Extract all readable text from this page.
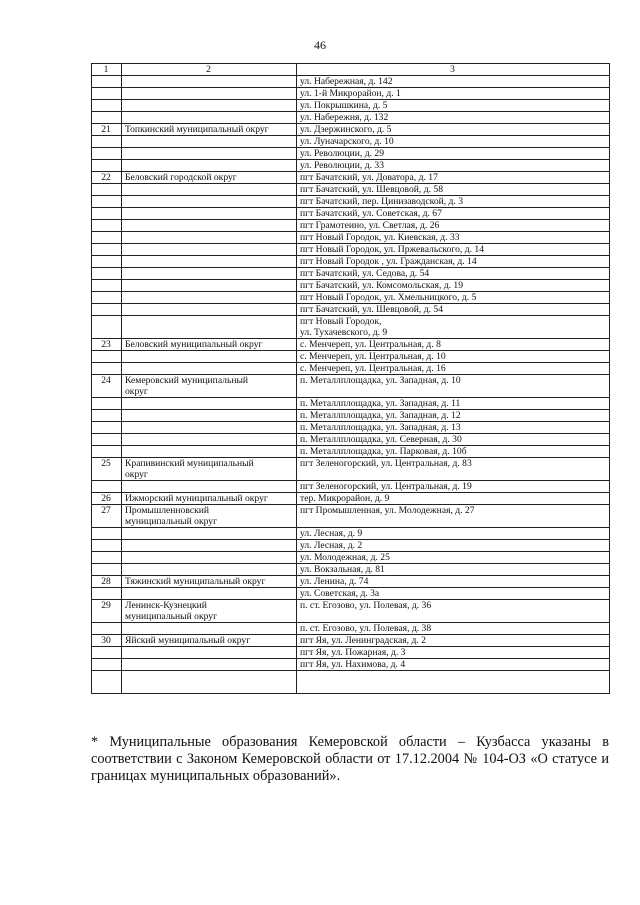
46
1	2	3

		ул. Набережная, д. 142

		ул. 1-й Микрорайон, д. 1

		ул. Покрышкина, д. 5

		ул. Набережня, д. 132

21	Топкинский муниципальный округ	ул. Дзержинского, д. 5

		ул. Луначарского, д. 10

		ул. Революции, д. 29

		ул. Революции, д. 33

22	Беловский городской округ	пгт Бачатский, ул. Доватора, д. 17

		пгт Бачатский, ул. Шевцовой, д. 58

		пгт Бачатский, пер. Цинизаводской, д. 3

		пгт Бачатский, ул. Советская, д. 67

		пгт Грамотеино, ул. Светлая, д. 26

		пгт Новый Городок, ул. Киевская, д. 33

		пгт Новый Городок, ул. Пржевальского, д. 14

		пгт Новый Городок , ул. Гражданская, д. 14

		пгт Бачатский, ул. Седова, д. 54

		пгт Бачатский, ул. Комсомольская, д. 19

		пгт Новый Городок, ул. Хмельницкого, д. 5

		пгт Бачатский, ул. Шевцовой, д. 54

		пгт Новый Городок,
ул. Тухачевского, д. 9

23	Беловский муниципальный округ	с. Менчереп, ул. Центральная, д. 8

		с. Менчереп, ул. Центральная, д. 10

		с. Менчереп, ул. Центральная, д. 16

24	Кемеровский муниципальный
округ	п. Металлплощадка, ул. Западная, д. 10

		п. Металлплощадка, ул. Западная, д. 11

		п. Металлплощадка, ул. Западная, д. 12

		п. Металлплощадка, ул. Западная, д. 13

		п. Металлплощадка, ул. Северная, д. 30

		п. Металлплощадка, ул. Парковая, д. 10б

25	Крапивинский муниципальный
округ	пгт Зеленогорский, ул. Центральная, д. 83

		пгт Зеленогорский, ул. Центральная, д. 19

26	Ижморский муниципальный округ	тер. Микрорайон, д. 9

27	Промышленновский
муниципальный округ	пгт Промышленная, ул. Молодежная, д. 27

		ул. Лесная, д. 9

		ул. Лесная, д. 2

		ул. Молодежная, д. 25

		ул. Вокзальная, д. 81

28	Тяжинский муниципальный округ	ул. Ленина, д. 74

		ул. Советская, д. 3а

29	Ленинск-Кузнецкий
муниципальный округ	п. ст. Егозово, ул. Полевая, д. 36

		п. ст. Егозово, ул. Полевая, д. 38

30	Яйский муниципальный округ	пгт Яя, ул. Ленинградская, д. 2

		пгт Яя, ул. Пожарная, д. 3

		пгт Яя, ул. Нахимова, д. 4

* Муниципальные образования Кемеровской области – Кузбасса указаны в соответствии с Законом Кемеровской области от 17.12.2004 № 104-ОЗ «О статусе и границах муниципальных образований».
